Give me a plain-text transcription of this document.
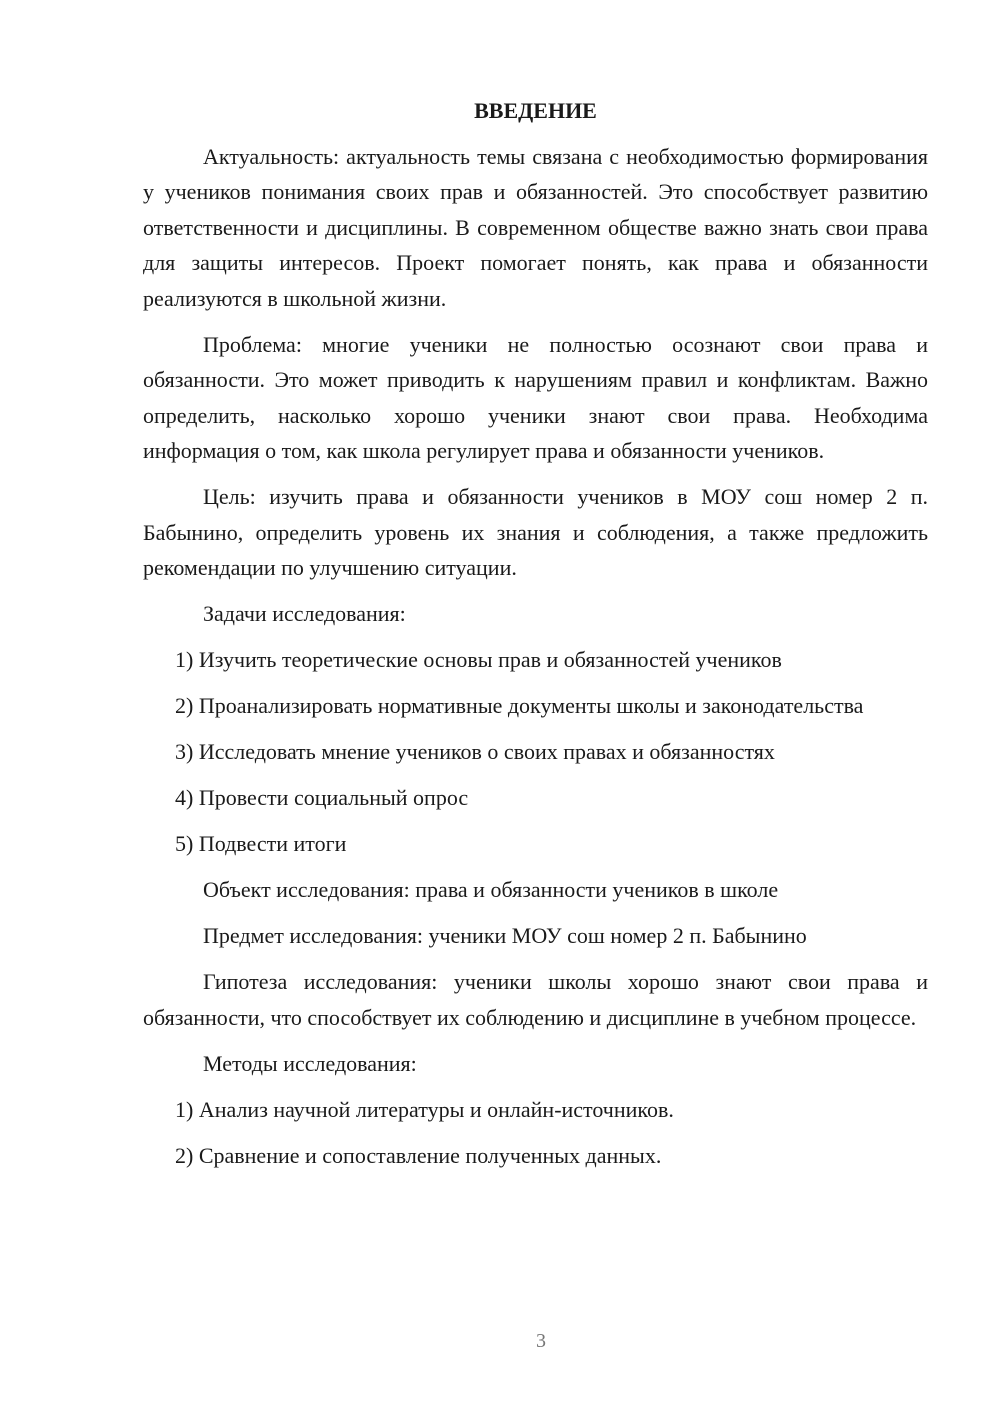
ВВЕДЕНИЕ

Актуальность: актуальность темы связана с необходимостью формирования у учеников понимания своих прав и обязанностей. Это способствует развитию ответственности и дисциплины. В современном обществе важно знать свои права для защиты интересов. Проект помогает понять, как права и обязанности реализуются в школьной жизни.

Проблема: многие ученики не полностью осознают свои права и обязанности. Это может приводить к нарушениям правил и конфликтам. Важно определить, насколько хорошо ученики знают свои права. Необходима информация о том, как школа регулирует права и обязанности учеников.

Цель: изучить права и обязанности учеников в МОУ сош номер 2 п. Бабынино, определить уровень их знания и соблюдения, а также предложить рекомендации по улучшению ситуации.

Задачи исследования:

1) Изучить теоретические основы прав и обязанностей учеников

2) Проанализировать нормативные документы школы и законодательства

3) Исследовать мнение учеников о своих правах и обязанностях

4) Провести социальный опрос

5) Подвести итоги

Объект исследования: права и обязанности учеников в школе

Предмет исследования: ученики МОУ сош номер 2 п. Бабынино

Гипотеза исследования: ученики школы хорошо знают свои права и обязанности, что способствует их соблюдению и дисциплине в учебном процессе.

Методы исследования:

1) Анализ научной литературы и онлайн-источников.

2) Сравнение и сопоставление полученных данных.

3
